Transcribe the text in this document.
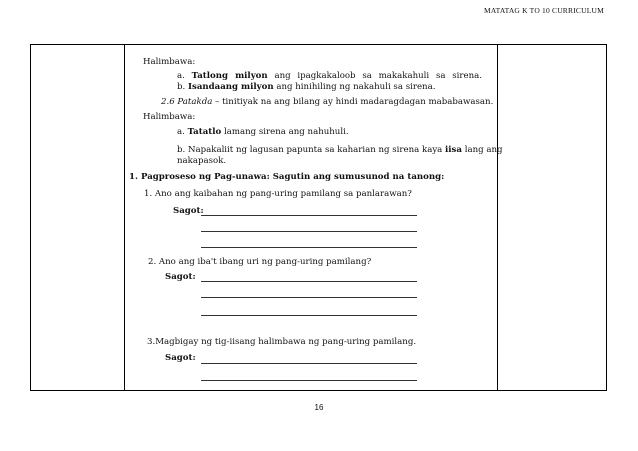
MATATAG K TO 10 CURRICULUM
Halimbawa:
a. Tatlong milyon ang ipagkakaloob sa makakahuli sa sirena.
b. Isandaang milyon ang hinihiling ng nakahuli sa sirena.
2.6 Patakda – tinitiyak na ang bilang ay hindi madaragdagan mababawasan.
Halimbawa:
a. Tatatlo lamang sirena ang nahuhuli.
b. Napakaliit ng lagusan papunta sa kaharian ng sirena kaya iisa lang ang
nakapasok.
1. Pagproseso ng Pag-unawa: Sagutin ang sumusunod na tanong:
1. Ano ang kaibahan ng pang-uring pamilang sa panlarawan?
Sagot:
2. Ano ang iba't ibang uri ng pang-uring pamilang?
Sagot:
3.Magbigay ng tig-iisang halimbawa ng pang-uring pamilang.
Sagot:
16
